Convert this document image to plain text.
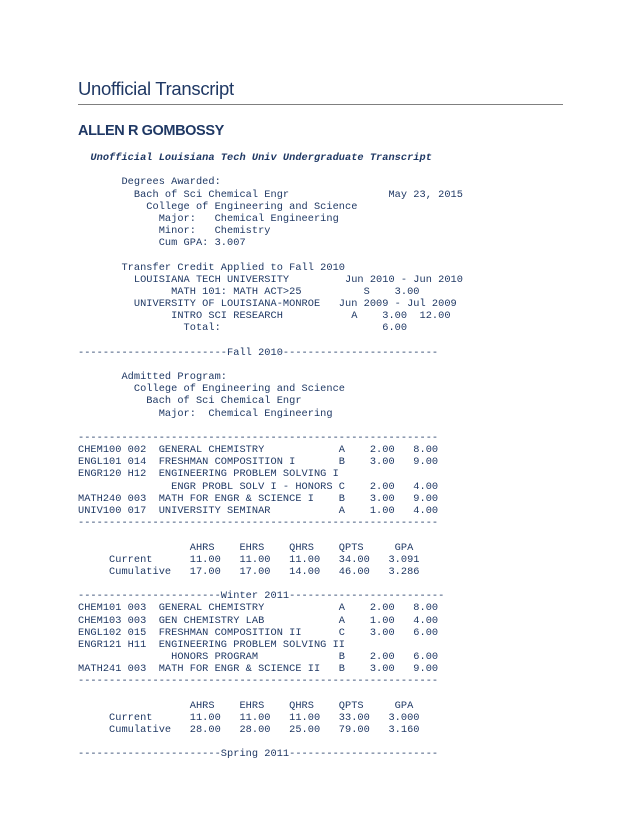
Unofficial Transcript
ALLEN R GOMBOSSY
Unofficial Louisiana Tech Univ Undergraduate Transcript

Degrees Awarded:
Bach of Sci Chemical Engr                May 23, 2015
College of Engineering and Science
Major:   Chemical Engineering
Minor:   Chemistry
Cum GPA: 3.007

Transfer Credit Applied to Fall 2010
LOUISIANA TECH UNIVERSITY         Jun 2010 - Jun 2010
MATH 101: MATH ACT>25          S    3.00
UNIVERSITY OF LOUISIANA-MONROE   Jun 2009 - Jul 2009
INTRO SCI RESEARCH           A    3.00  12.00
Total:                          6.00

------------------------Fall 2010-------------------------

Admitted Program:
College of Engineering and Science
Bach of Sci Chemical Engr
Major:  Chemical Engineering

----------------------------------------------------------
CHEM100 002  GENERAL CHEMISTRY            A    2.00   8.00
ENGL101 014  FRESHMAN COMPOSITION I       B    3.00   9.00
ENGR120 H12  ENGINEERING PROBLEM SOLVING I
ENGR PROBL SOLV I - HONORS C    2.00   4.00
MATH240 003  MATH FOR ENGR & SCIENCE I    B    3.00   9.00
UNIV100 017  UNIVERSITY SEMINAR           A    1.00   4.00
----------------------------------------------------------

AHRS    EHRS    QHRS    QPTS     GPA
Current      11.00   11.00   11.00   34.00   3.091
Cumulative   17.00   17.00   14.00   46.00   3.286

-----------------------Winter 2011-------------------------
CHEM101 003  GENERAL CHEMISTRY            A    2.00   8.00
CHEM103 003  GEN CHEMISTRY LAB            A    1.00   4.00
ENGL102 015  FRESHMAN COMPOSITION II      C    3.00   6.00
ENGR121 H11  ENGINEERING PROBLEM SOLVING II
HONORS PROGRAM             B    2.00   6.00
MATH241 003  MATH FOR ENGR & SCIENCE II   B    3.00   9.00
----------------------------------------------------------

AHRS    EHRS    QHRS    QPTS     GPA
Current      11.00   11.00   11.00   33.00   3.000
Cumulative   28.00   28.00   25.00   79.00   3.160

-----------------------Spring 2011------------------------
